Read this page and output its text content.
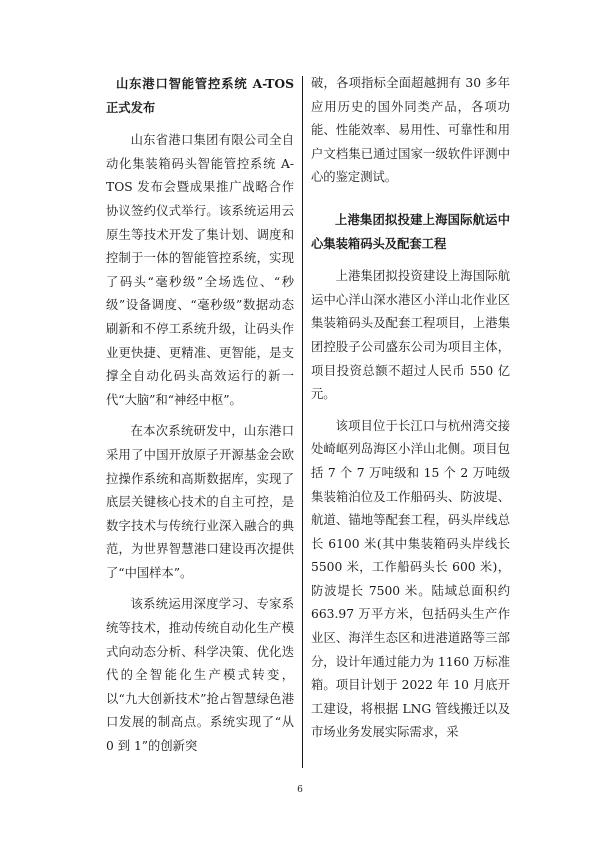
山东港口智能管控系统 A-TOS 正式发布

山东省港口集团有限公司全自动化集装箱码头智能管控系统 A-TOS 发布会暨成果推广战略合作协议签约仪式举行。该系统运用云原生等技术开发了集计划、调度和控制于一体的智能管控系统，实现了码头“毫秒级”全场选位、“秒级”设备调度、“毫秒级”数据动态刷新和不停工系统升级，让码头作业更快捷、更精准、更智能，是支撑全自动化码头高效运行的新一代“大脑”和“神经中枢”。

在本次系统研发中，山东港口采用了中国开放原子开源基金会欧拉操作系统和高斯数据库，实现了底层关键核心技术的自主可控，是数字技术与传统行业深入融合的典范，为世界智慧港口建设再次提供了“中国样本”。

该系统运用深度学习、专家系统等技术，推动传统自动化生产模式向动态分析、科学决策、优化迭代的全智能化生产模式转变，以“九大创新技术”抢占智慧绿色港口发展的制高点。系统实现了“从 0 到 1”的创新突

破，各项指标全面超越拥有 30 多年应用历史的国外同类产品，各项功能、性能效率、易用性、可靠性和用户文档集已通过国家一级软件评测中心的鉴定测试。

上港集团拟投建上海国际航运中心集装箱码头及配套工程

上港集团拟投资建设上海国际航运中心洋山深水港区小洋山北作业区集装箱码头及配套工程项目，上港集团控股子公司盛东公司为项目主体，项目投资总额不超过人民币 550 亿元。

该项目位于长江口与杭州湾交接处崎岖列岛海区小洋山北侧。项目包括 7 个 7 万吨级和 15 个 2 万吨级集装箱泊位及工作船码头、防波堤、航道、锚地等配套工程，码头岸线总长 6100 米(其中集装箱码头岸线长 5500 米，工作船码头长 600 米)，防波堤长 7500 米。陆域总面积约 663.97 万平方米，包括码头生产作业区、海洋生态区和进港道路等三部分，设计年通过能力为 1160 万标准箱。项目计划于 2022 年 10 月底开工建设，将根据 LNG 管线搬迁以及市场业务发展实际需求，采

6
